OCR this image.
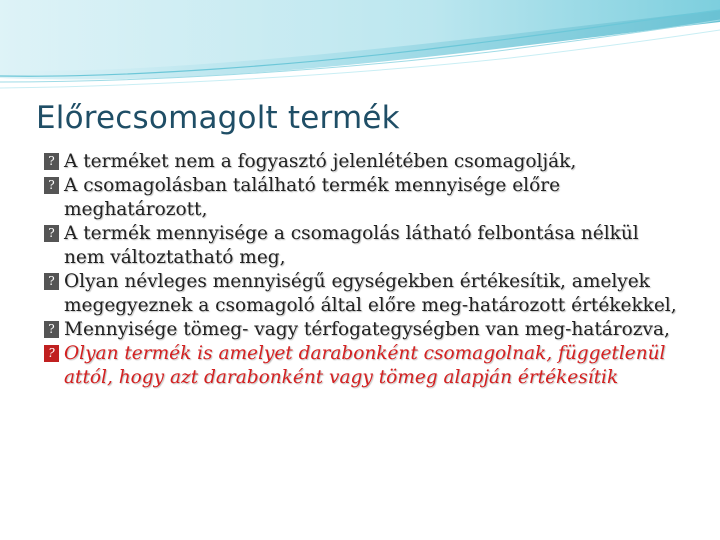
Előrecsomagolt termék
? A terméket nem a fogyasztó jelenlétében csomagolják,
? A csomagolásban található termék mennyisége előre meghatározott,
? A termék mennyisége a csomagolás látható felbontása nélkül nem változtatható meg,
? Olyan névleges mennyiségű egységekben értékesítik, amelyek megegyeznek a csomagoló által előre meg-határozott értékekkel,
? Mennyisége tömeg- vagy térfogategységben van meg-határozva,
? Olyan termék is amelyet darabonként csomagolnak, függetlenül attól, hogy azt darabonként vagy tömeg alapján értékesítik
